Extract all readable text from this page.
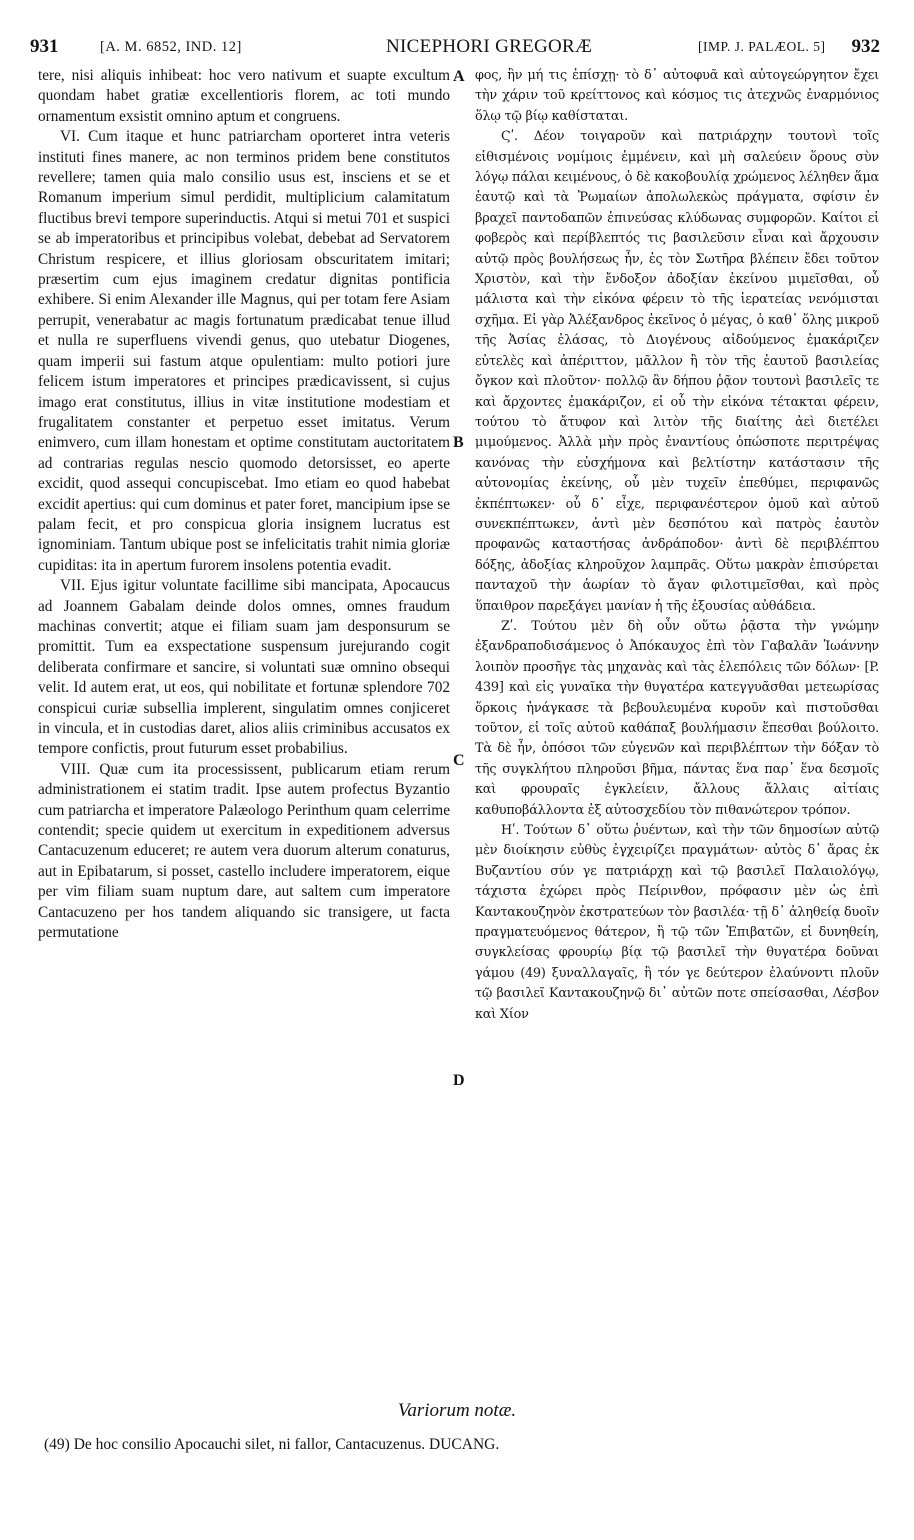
931	[A. M. 6852, IND. 12]	NICEPHORI GREGORÆ	[IMP. J. PALÆOL. 5] 932

tere, nisi aliquis inhibeat: hoc vero nativum et suapte excultum quondam habet gratiæ excellentioris florem, ac toti mundo ornamentum exsistit omnino aptum et congruens.

VI. Cum itaque et hunc patriarcham oporteret intra veteris instituti fines manere, ac non terminos pridem bene constitutos revellere; tamen quia malo consilio usus est, insciens et se et Romanum imperium simul perdidit, multiplicium calamitatum fluctibus brevi tempore superinductis. Atqui si metui 701 et suspici se ab imperatoribus et principibus volebat, debebat ad Servatorem Christum respicere, et illius gloriosam obscuritatem imitari; præsertim cum ejus imaginem credatur dignitas pontificia exhibere. Si enim Alexander ille Magnus, qui per totam fere Asiam perrupit, venerabatur ac magis fortunatum prædicabat tenue illud et nulla re superfluens vivendi genus, quo utebatur Diogenes, quam imperii sui fastum atque opulentiam: multo potiori jure felicem istum imperatores et principes prædicavissent, si cujus imago erat constitutus, illius in vitæ institutione modestiam et frugalitatem constanter et perpetuo esset imitatus. Verum enimvero, cum illam honestam et optime constitutam auctoritatem ad contrarias regulas nescio quomodo detorsisset, eo aperte excidit, quod assequi concupiscebat. Imo etiam eo quod habebat excidit apertius: qui cum dominus et pater foret, mancipium ipse se palam fecit, et pro conspicua gloria insignem lucratus est ignominiam. Tantum ubique post se infelicitatis trahit nimia gloriæ cupiditas: ita in apertum furorem insolens potentia evadit.

VII. Ejus igitur voluntate facillime sibi mancipata, Apocaucus ad Joannem Gabalam deinde dolos omnes, omnes fraudum machinas convertit; atque ei filiam suam jam desponsurum se promittit. Tum ea exspectatione suspensum jurejurando cogit deliberata confirmare et sancire, si voluntati suæ omnino obsequi velit. Id autem erat, ut eos, qui nobilitate et fortunæ splendore 702 conspicui curiæ subsellia implerent, singulatim omnes conjiceret in vincula, et in custodias daret, alios aliis criminibus accusatos ex tempore confictis, prout futurum esset probabilius.

VIII. Quæ cum ita processissent, publicarum etiam rerum administrationem ei statim tradit. Ipse autem profectus Byzantio cum patriarcha et imperatore Palæologo Perinthum quam celerrime contendit; specie quidem ut exercitum in expeditionem adversus Cantacuzenum educeret; re autem vera duorum alterum conaturus, aut in Epibatarum, si posset, castello includere imperatorem, eique per vim filiam suam nuptum dare, aut saltem cum imperatore Cantacuzeno per hos tandem aliquando sic transigere, ut facta permutatione

A
B
C
D

φος, ἣν μή τις ἐπίσχῃ· τὸ δ᾽ αὐτοφυᾶ καὶ αὐτογεώργητον ἔχει τὴν χάριν τοῦ κρείττονος καὶ κόσμος τις ἀτεχνῶς ἐναρμόνιος ὅλῳ τῷ βίῳ καθίσταται.

Ϛʹ. Δέον τοιγαροῦν καὶ πατριάρχην τουτονὶ τοῖς εἰθισμένοις νομίμοις ἐμμένειν, καὶ μὴ σαλεύειν ὅρους σὺν λόγῳ πάλαι κειμένους, ὁ δὲ κακοβουλίᾳ χρώμενος λέληθεν ἅμα ἑαυτῷ καὶ τὰ Ῥωμαίων ἀπολωλεκὼς πράγματα, σφίσιν ἐν βραχεῖ παντοδαπῶν ἐπινεύσας κλύδωνας συμφορῶν. Καίτοι εἰ φοβερὸς καὶ περίβλεπτός τις βασιλεῦσιν εἶναι καὶ ἄρχουσιν αὐτῷ πρὸς βουλήσεως ἦν, ἐς τὸν Σωτῆρα βλέπειν ἔδει τοῦτον Χριστὸν, καὶ τὴν ἔνδοξον ἀδοξίαν ἐκείνου μιμεῖσθαι, οὗ μάλιστα καὶ τὴν εἰκόνα φέρειν τὸ τῆς ἱερατείας νενόμισται σχῆμα. Εἰ γὰρ Ἀλέξανδρος ἐκεῖνος ὁ μέγας, ὁ καθ᾽ ὅλης μικροῦ τῆς Ἀσίας ἐλάσας, τὸ Διογένους αἰδούμενος ἐμακάριζεν εὐτελὲς καὶ ἀπέριττον, μᾶλλον ἢ τὸν τῆς ἑαυτοῦ βασιλείας ὄγκον καὶ πλοῦτον· πολλῷ ἂν δήπου ῥᾷον τουτονὶ βασιλεῖς τε καὶ ἄρχοντες ἐμακάριζον, εἰ οὗ τὴν εἰκόνα τέτακται φέρειν, τούτου τὸ ἄτυφον καὶ λιτὸν τῆς διαίτης ἀεὶ διετέλει μιμούμενος. Ἀλλὰ μὴν πρὸς ἐναντίους ὁπώσποτε περιτρέψας κανόνας τὴν εὐσχήμονα καὶ βελτίστην κατάστασιν τῆς αὐτονομίας ἐκείνης, οὗ μὲν τυχεῖν ἐπεθύμει, περιφανῶς ἐκπέπτωκεν· οὗ δ᾽ εἶχε, περιφανέστερον ὁμοῦ καὶ αὐτοῦ συνεκπέπτωκεν, ἀντὶ μὲν δεσπότου καὶ πατρὸς ἑαυτὸν προφανῶς καταστήσας ἀνδράποδον· ἀντὶ δὲ περιβλέπτου δόξης, ἀδοξίας κληροῦχον λαμπρᾶς. Οὕτω μακρὰν ἐπισύρεται πανταχοῦ τὴν ἀωρίαν τὸ ἄγαν φιλοτιμεῖσθαι, καὶ πρὸς ὕπαιθρον παρεξάγει μανίαν ἡ τῆς ἐξουσίας αὐθάδεια.

Ζʹ. Τούτου μὲν δὴ οὖν οὕτω ῥᾷστα τὴν γνώμην ἐξανδραποδισάμενος ὁ Ἀπόκαυχος ἐπὶ τὸν Γαβαλᾶν Ἰωάννην λοιπὸν προσῆγε τὰς μηχανὰς καὶ τὰς ἑλεπόλεις τῶν δόλων· [P. 439] καὶ εἰς γυναῖκα τὴν θυγατέρα κατεγγυᾶσθαι μετεωρίσας ὅρκοις ἠνάγκασε τὰ βεβουλευμένα κυροῦν καὶ πιστοῦσθαι τοῦτον, εἰ τοῖς αὐτοῦ καθάπαξ βουλήμασιν ἕπεσθαι βούλοιτο. Τὰ δὲ ἦν, ὁπόσοι τῶν εὐγενῶν καὶ περιβλέπτων τὴν δόξαν τὸ τῆς συγκλήτου πληροῦσι βῆμα, πάντας ἕνα παρ᾽ ἕνα δεσμοῖς καὶ φρουραῖς ἐγκλείειν, ἄλλους ἄλλαις αἰτίαις καθυποβάλλοντα ἐξ αὐτοσχεδίου τὸν πιθανώτερον τρόπον.

Ηʹ. Τούτων δ᾽ οὕτω ῥυέντων, καὶ τὴν τῶν δημοσίων αὐτῷ μὲν διοίκησιν εὐθὺς ἐγχειρίζει πραγμάτων· αὐτὸς δ᾽ ἄρας ἐκ Βυζαντίου σύν γε πατριάρχῃ καὶ τῷ βασιλεῖ Παλαιολόγῳ, τάχιστα ἐχώρει πρὸς Πείρινθον, πρόφασιν μὲν ὡς ἐπὶ Καντακουζηνὸν ἐκστρατεύων τὸν βασιλέα· τῇ δ᾽ ἀληθείᾳ δυοῖν πραγματευόμενος θάτερον, ἢ τῷ τῶν Ἐπιβατῶν, εἰ δυνηθείη, συγκλείσας φρουρίῳ βίᾳ τῷ βασιλεῖ τὴν θυγατέρα δοῦναι γάμου (49) ξυναλλαγαῖς, ἢ τόν γε δεύτερον ἐλαύνοντι πλοῦν τῷ βασιλεῖ Καντακουζηνῷ δι᾽ αὐτῶν ποτε σπείσασθαι, Λέσβον καὶ Χίον

Variorum notæ.
(49) De hoc consilio Apocauchi silet, ni fallor, Cantacuzenus. DUCANG.
